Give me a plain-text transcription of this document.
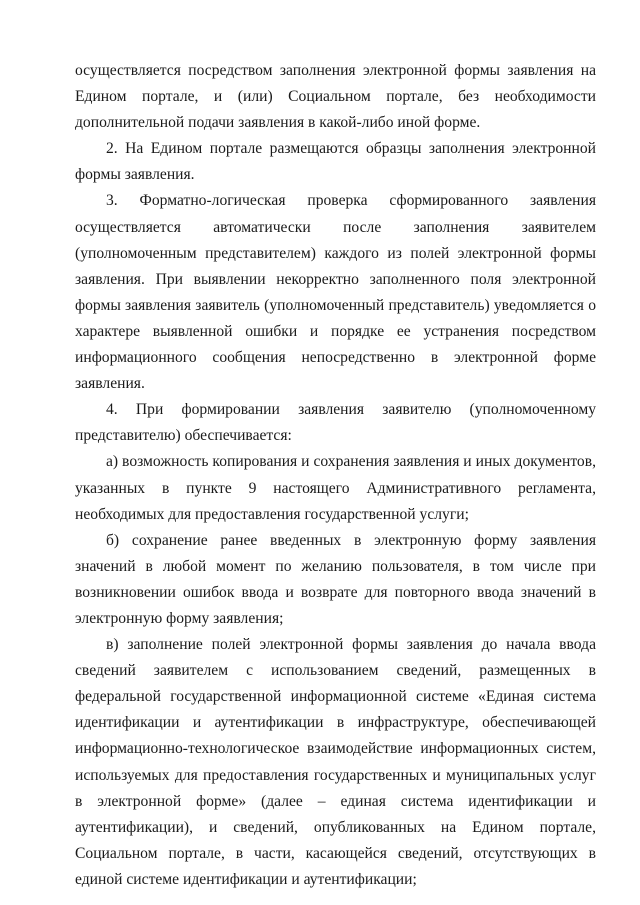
осуществляется посредством заполнения электронной формы заявления на Едином портале, и (или) Социальном портале, без необходимости дополнительной подачи заявления в какой-либо иной форме.

2. На Едином портале размещаются образцы заполнения электронной формы заявления.

3. Форматно-логическая проверка сформированного заявления осуществляется автоматически после заполнения заявителем (уполномоченным представителем) каждого из полей электронной формы заявления. При выявлении некорректно заполненного поля электронной формы заявления заявитель (уполномоченный представитель) уведомляется о характере выявленной ошибки и порядке ее устранения посредством информационного сообщения непосредственно в электронной форме заявления.

4. При формировании заявления заявителю (уполномоченному представителю) обеспечивается:

а) возможность копирования и сохранения заявления и иных документов, указанных в пункте 9 настоящего Административного регламента, необходимых для предоставления государственной услуги;

б) сохранение ранее введенных в электронную форму заявления значений в любой момент по желанию пользователя, в том числе при возникновении ошибок ввода и возврате для повторного ввода значений в электронную форму заявления;

в) заполнение полей электронной формы заявления до начала ввода сведений заявителем с использованием сведений, размещенных в федеральной государственной информационной системе «Единая система идентификации и аутентификации в инфраструктуре, обеспечивающей информационно-технологическое взаимодействие информационных систем, используемых для предоставления государственных и муниципальных услуг в электронной форме» (далее – единая система идентификации и аутентификации), и сведений, опубликованных на Едином портале, Социальном портале, в части, касающейся сведений, отсутствующих в единой системе идентификации и аутентификации;
